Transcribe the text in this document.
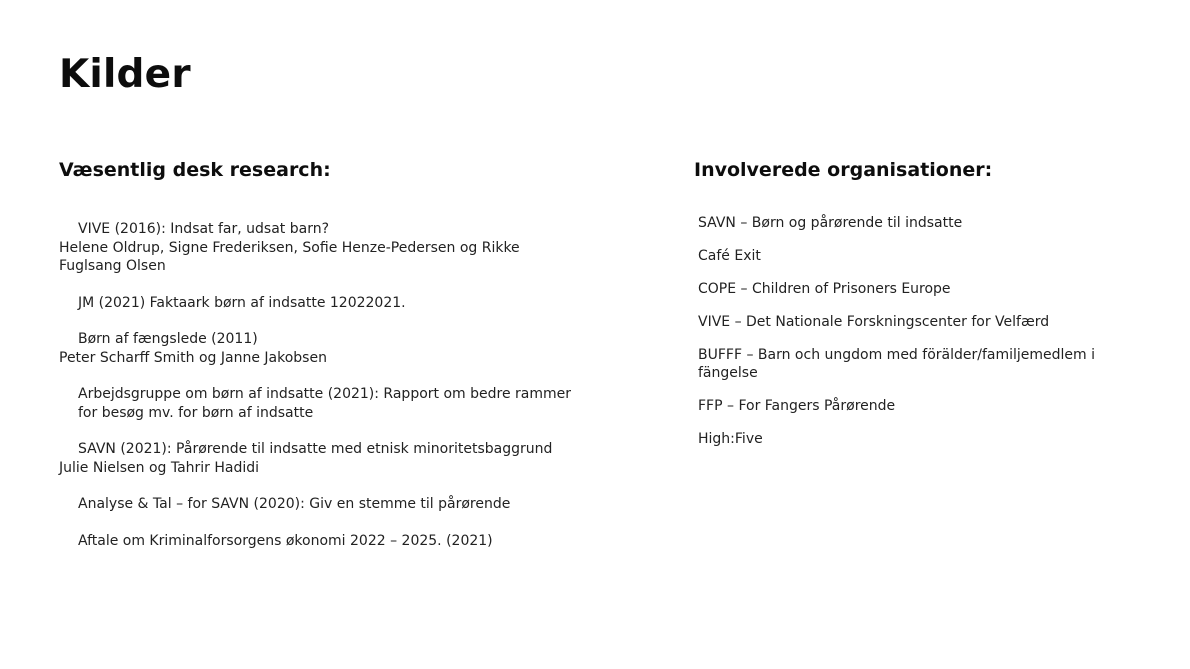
Kilder
Væsentlig desk research:
VIVE (2016): Indsat far, udsat barn?
Helene Oldrup, Signe Frederiksen, Sofie Henze-Pedersen og Rikke Fuglsang Olsen
JM (2021) Faktaark børn af indsatte 12022021.
Børn af fængslede (2011)
Peter Scharff Smith og Janne Jakobsen
Arbejdsgruppe om børn af indsatte (2021): Rapport om bedre rammer for besøg mv. for børn af indsatte
SAVN (2021): Pårørende til indsatte med etnisk minoritetsbaggrund
Julie Nielsen og Tahrir Hadidi
Analyse & Tal – for SAVN (2020): Giv en stemme til pårørende
Aftale om Kriminalforsorgens økonomi 2022 – 2025. (2021)
Involverede organisationer:
SAVN – Børn og pårørende til indsatte
Café Exit
COPE – Children of Prisoners Europe
VIVE – Det Nationale Forskningscenter for Velfærd
BUFFF – Barn och ungdom med förälder/familjemedlem i fängelse
FFP – For Fangers Pårørende
High:Five
